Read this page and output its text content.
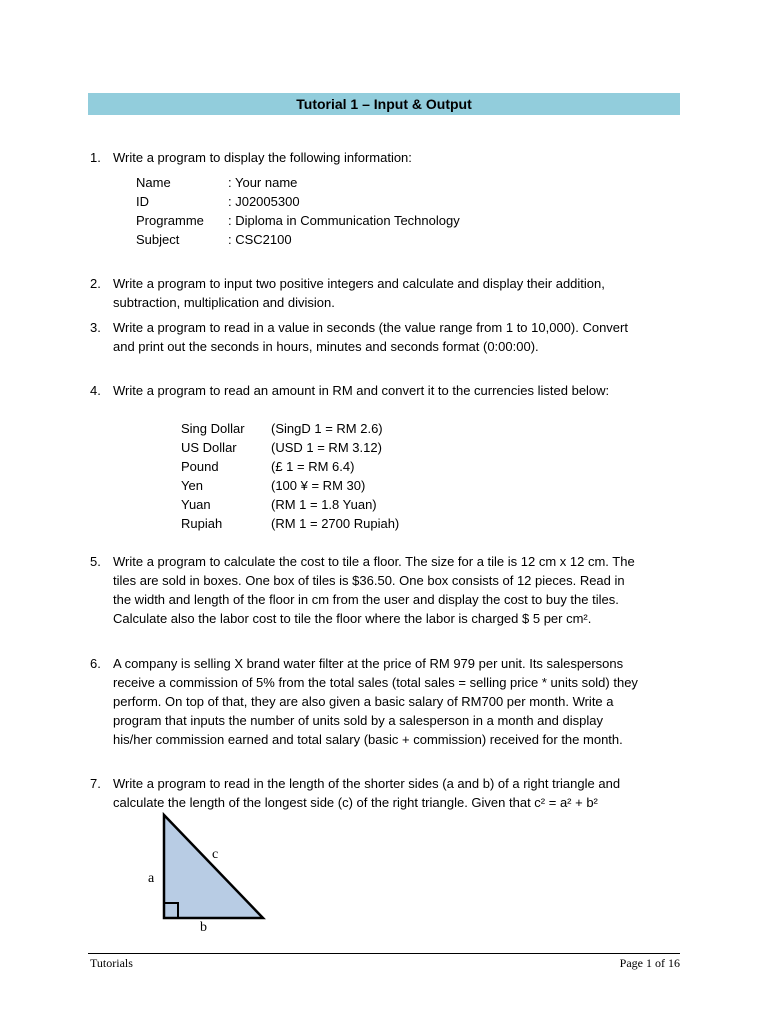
Tutorial 1 – Input & Output
1. Write a program to display the following information:
Name	: Your name
ID	: J02005300
Programme	: Diploma in Communication Technology
Subject	: CSC2100
2. Write a program to input two positive integers and calculate and display their addition,
subtraction, multiplication and division.
3. Write a program to read in a value in seconds (the value range from 1 to 10,000). Convert
and print out the seconds in hours, minutes and seconds format (0:00:00).
4. Write a program to read an amount in RM and convert it to the currencies listed below:
Sing Dollar	(SingD 1 = RM 2.6)
US Dollar	(USD 1 = RM 3.12)
Pound	(£ 1 = RM 6.4)
Yen	(100 ¥ = RM 30)
Yuan	(RM 1 = 1.8 Yuan)
Rupiah	(RM 1 = 2700 Rupiah)
5. Write a program to calculate the cost to tile a floor. The size for a tile is 12 cm x 12 cm. The
tiles are sold in boxes. One box of tiles is $36.50. One box consists of 12 pieces. Read in
the width and length of the floor in cm from the user and display the cost to buy the tiles.
Calculate also the labor cost to tile the floor where the labor is charged $ 5 per cm².
6. A company is selling X brand water filter at the price of RM 979 per unit. Its salespersons
receive a commission of 5% from the total sales (total sales = selling price * units sold) they
perform. On top of that, they are also given a basic salary of RM700 per month. Write a
program that inputs the number of units sold by a salesperson in a month and display
his/her commission earned and total salary (basic + commission) received for the month.
7. Write a program to read in the length of the shorter sides (a and b) of a right triangle and
calculate the length of the longest side (c) of the right triangle. Given that c² = a² + b²
a
c
b
Tutorials	Page 1 of 16
